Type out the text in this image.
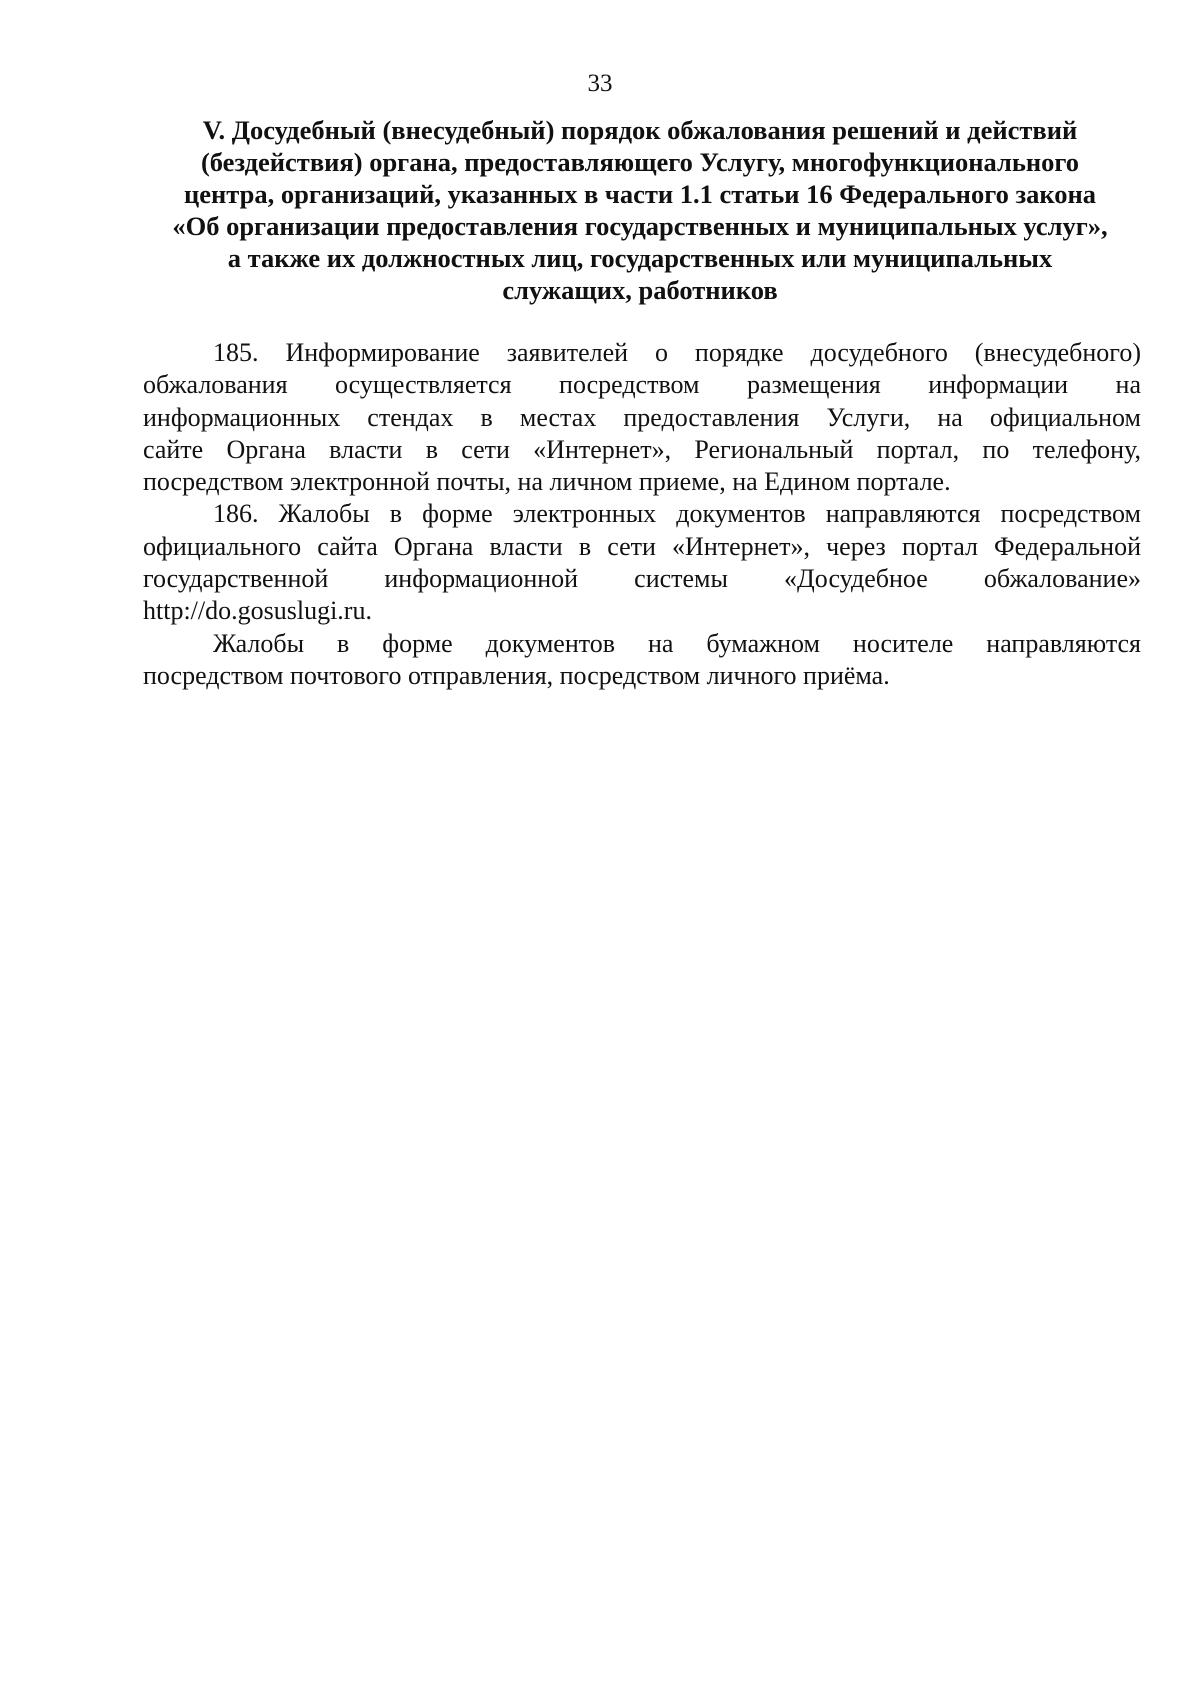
33
V. Досудебный (внесудебный) порядок обжалования решений и действий
(бездействия) органа, предоставляющего Услугу, многофункционального
центра, организаций, указанных в части 1.1 статьи 16 Федерального закона
«Об организации предоставления государственных и муниципальных услуг»,
а также их должностных лиц, государственных или муниципальных
служащих, работников

185. Информирование заявителей о порядке досудебного (внесудебного)
обжалования осуществляется посредством размещения информации на
информационных стендах в местах предоставления Услуги, на официальном
сайте Органа власти в сети «Интернет», Региональный портал, по телефону,
посредством электронной почты, на личном приеме, на Едином портале.

186. Жалобы в форме электронных документов направляются посредством
официального сайта Органа власти в сети «Интернет», через портал Федеральной
государственной информационной системы «Досудебное обжалование»
http://do.gosuslugi.ru.

Жалобы в форме документов на бумажном носителе направляются
посредством почтового отправления, посредством личного приёма.
